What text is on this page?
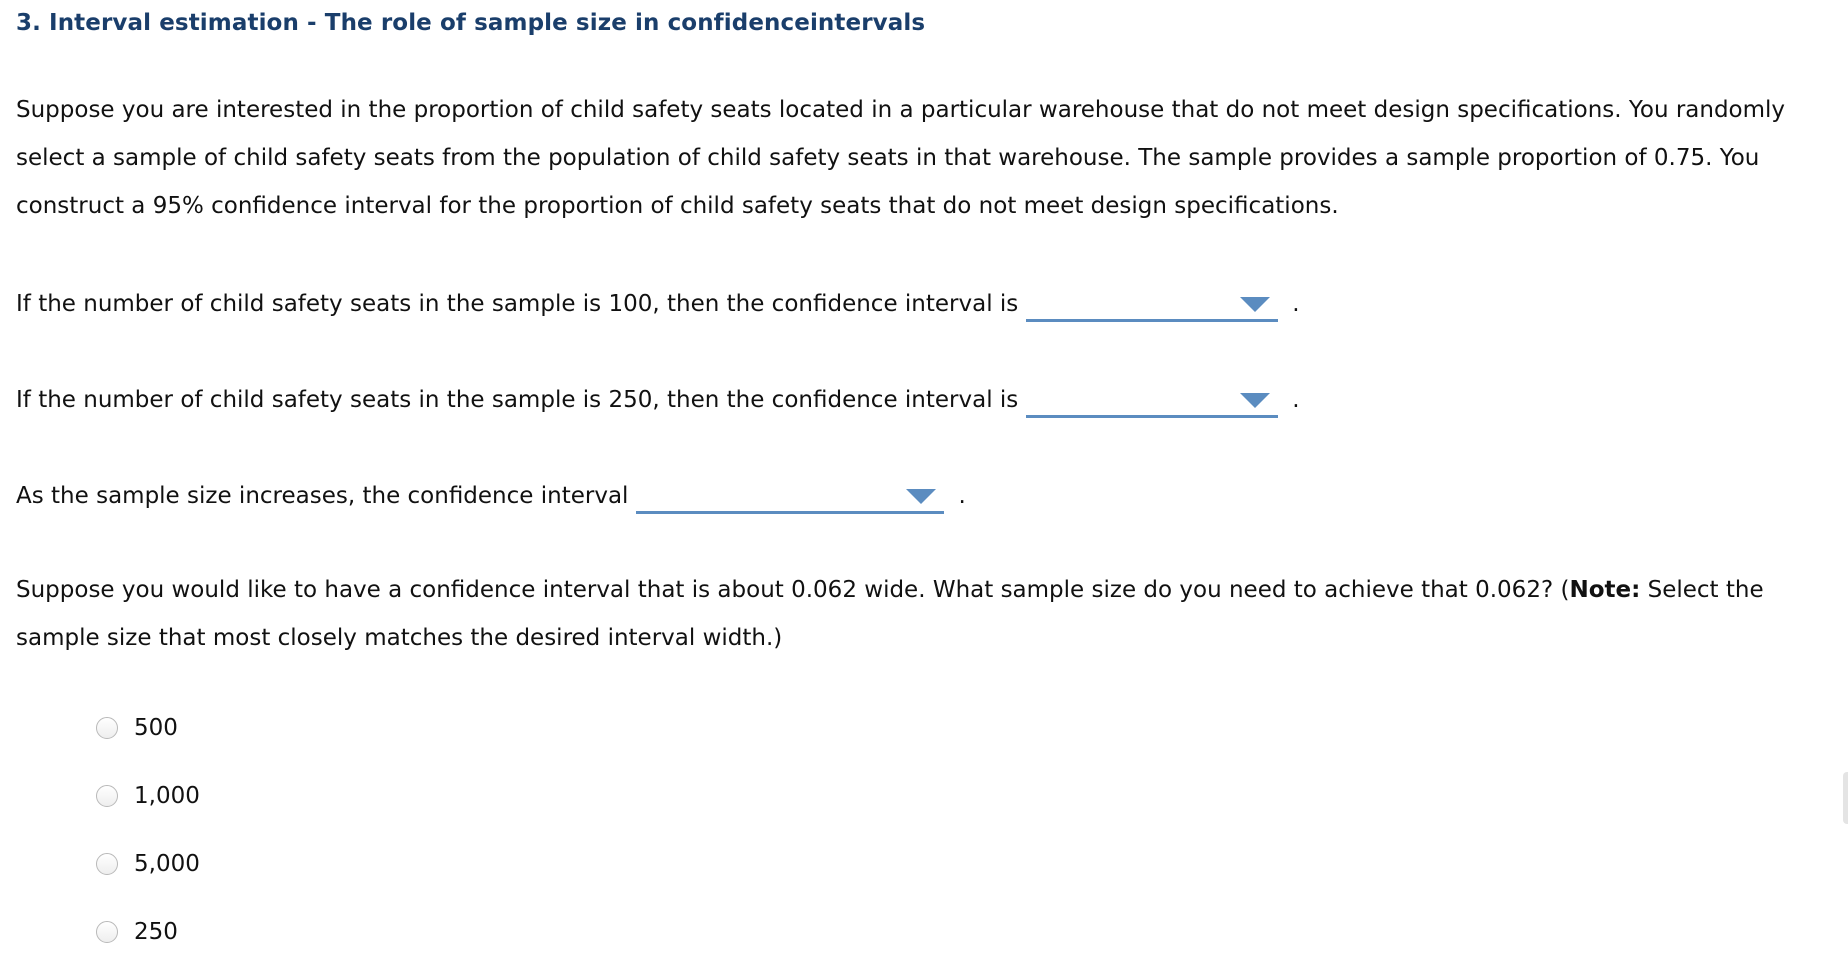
3. Interval estimation - The role of sample size in confidenceintervals

Suppose you are interested in the proportion of child safety seats located in a particular warehouse that do not meet design specifications. You randomly select a sample of child safety seats from the population of child safety seats in that warehouse. The sample provides a sample proportion of 0.75. You construct a 95% confidence interval for the proportion of child safety seats that do not meet design specifications.

If the number of child safety seats in the sample is 100, then the confidence interval is	.
If the number of child safety seats in the sample is 250, then the confidence interval is	.
As the sample size increases, the confidence interval	.

Suppose you would like to have a confidence interval that is about 0.062 wide. What sample size do you need to achieve that 0.062? (Note: Select the sample size that most closely matches the desired interval width.)

500
1,000
5,000
250
